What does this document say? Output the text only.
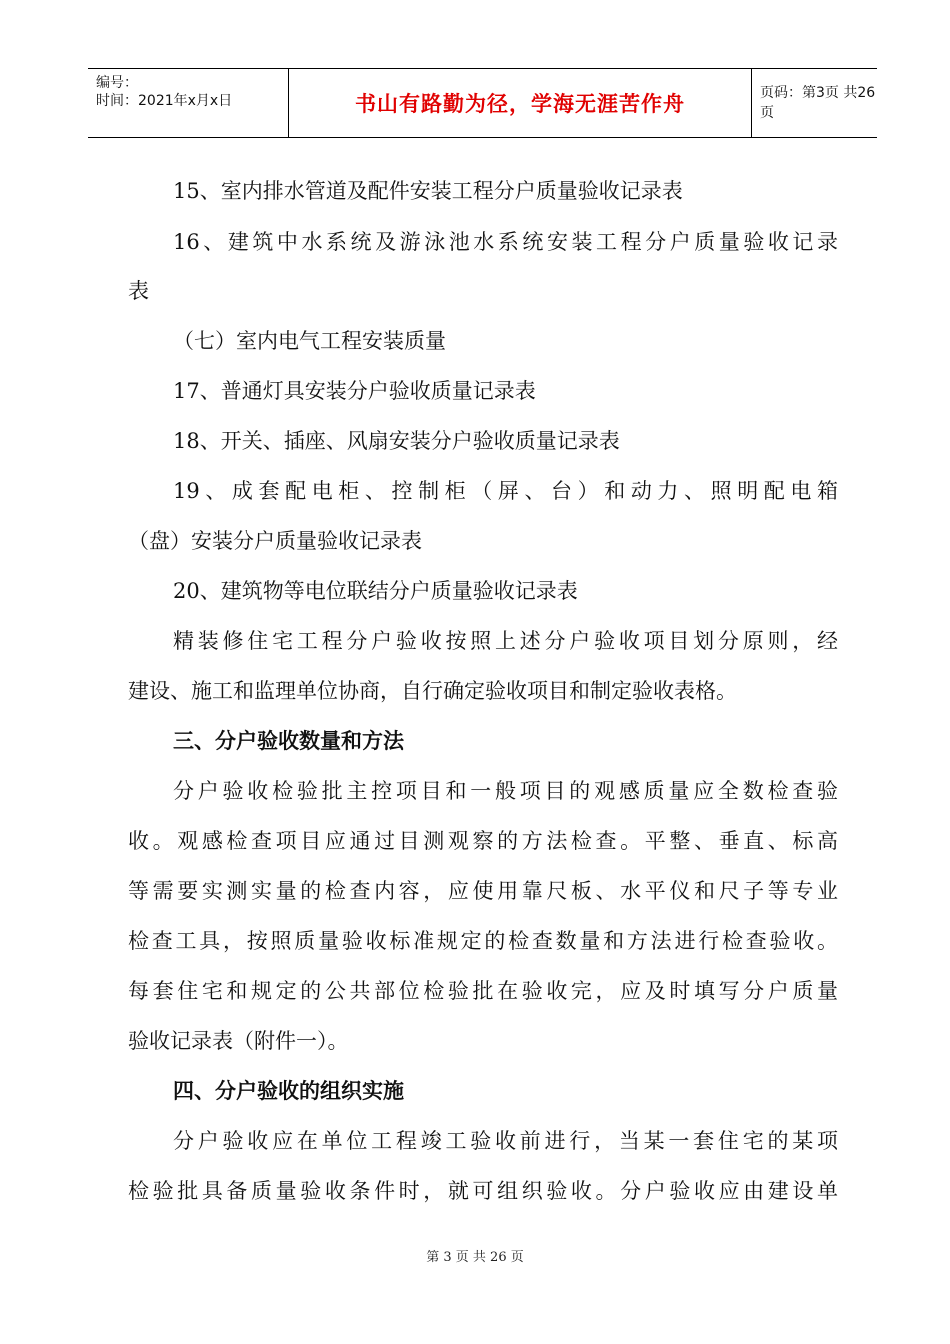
编号：
时间：2021年x月x日	书山有路勤为径，学海无涯苦作舟	页码：第3页 共26页
15、室内排水管道及配件安装工程分户质量验收记录表
16、建筑中水系统及游泳池水系统安装工程分户质量验收记录
表
（七）室内电气工程安装质量
17、普通灯具安装分户验收质量记录表
18、开关、插座、风扇安装分户验收质量记录表
19、成套配电柜、控制柜（屏、台）和动力、照明配电箱
（盘）安装分户质量验收记录表
20、建筑物等电位联结分户质量验收记录表
精装修住宅工程分户验收按照上述分户验收项目划分原则，经
建设、施工和监理单位协商，自行确定验收项目和制定验收表格。
三、分户验收数量和方法
分户验收检验批主控项目和一般项目的观感质量应全数检查验
收。观感检查项目应通过目测观察的方法检查。平整、垂直、标高
等需要实测实量的检查内容，应使用靠尺板、水平仪和尺子等专业
检查工具，按照质量验收标准规定的检查数量和方法进行检查验收。
每套住宅和规定的公共部位检验批在验收完，应及时填写分户质量
验收记录表（附件一）。
四、分户验收的组织实施
分户验收应在单位工程竣工验收前进行，当某一套住宅的某项
检验批具备质量验收条件时，就可组织验收。分户验收应由建设单
第 3 页 共 26 页
